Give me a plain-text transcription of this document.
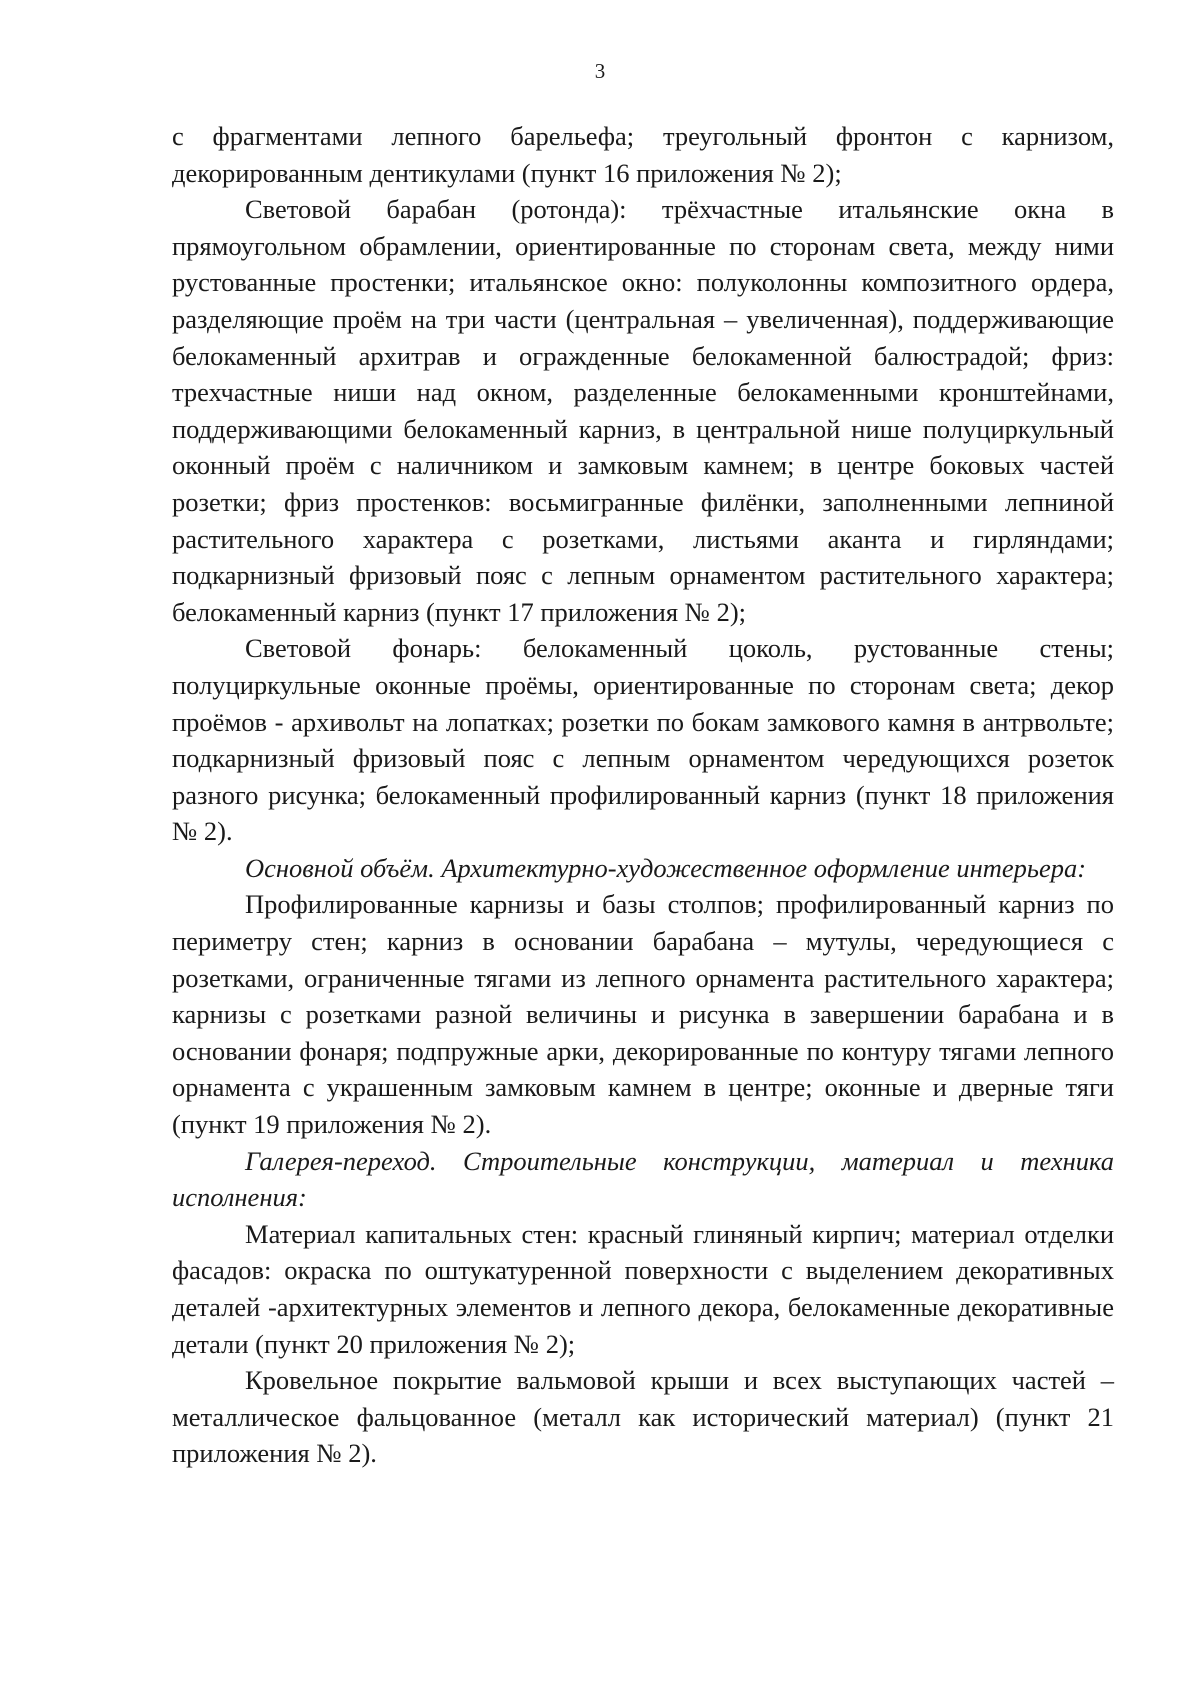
3

с фрагментами лепного барельефа; треугольный фронтон с карнизом, декорированным дентикулами (пункт 16 приложения № 2);

Световой барабан (ротонда): трёхчастные итальянские окна в прямоугольном обрамлении, ориентированные по сторонам света, между ними рустованные простенки; итальянское окно: полуколонны композитного ордера, разделяющие проём на три части (центральная – увеличенная), поддерживающие белокаменный архитрав и огражденные белокаменной балюстрадой; фриз: трехчастные ниши над окном, разделенные белокаменными кронштейнами, поддерживающими белокаменный карниз, в центральной нише полуциркульный оконный проём с наличником и замковым камнем; в центре боковых частей розетки; фриз простенков: восьмигранные филёнки, заполненными лепниной растительного характера с розетками, листьями аканта и гирляндами; подкарнизный фризовый пояс с лепным орнаментом растительного характера; белокаменный карниз (пункт 17 приложения № 2);

Световой фонарь: белокаменный цоколь, рустованные стены; полуциркульные оконные проёмы, ориентированные по сторонам света; декор проёмов - архивольт на лопатках; розетки по бокам замкового камня в антрвольте; подкарнизный фризовый пояс с лепным орнаментом чередующихся розеток разного рисунка; белокаменный профилированный карниз (пункт 18 приложения № 2).

Основной объём. Архитектурно-художественное оформление интерьера:

Профилированные карнизы и базы столпов; профилированный карниз по периметру стен; карниз в основании барабана – мутулы, чередующиеся с розетками, ограниченные тягами из лепного орнамента растительного характера; карнизы с розетками разной величины и рисунка в завершении барабана и в основании фонаря; подпружные арки, декорированные по контуру тягами лепного орнамента с украшенным замковым камнем в центре; оконные и дверные тяги (пункт 19 приложения № 2).

Галерея-переход. Строительные конструкции, материал и техника исполнения:

Материал капитальных стен: красный глиняный кирпич; материал отделки фасадов: окраска по оштукатуренной поверхности с выделением декоративных деталей -архитектурных элементов и лепного декора, белокаменные декоративные детали (пункт 20 приложения № 2);

Кровельное покрытие вальмовой крыши и всех выступающих частей – металлическое фальцованное (металл как исторический материал) (пункт 21 приложения № 2).
